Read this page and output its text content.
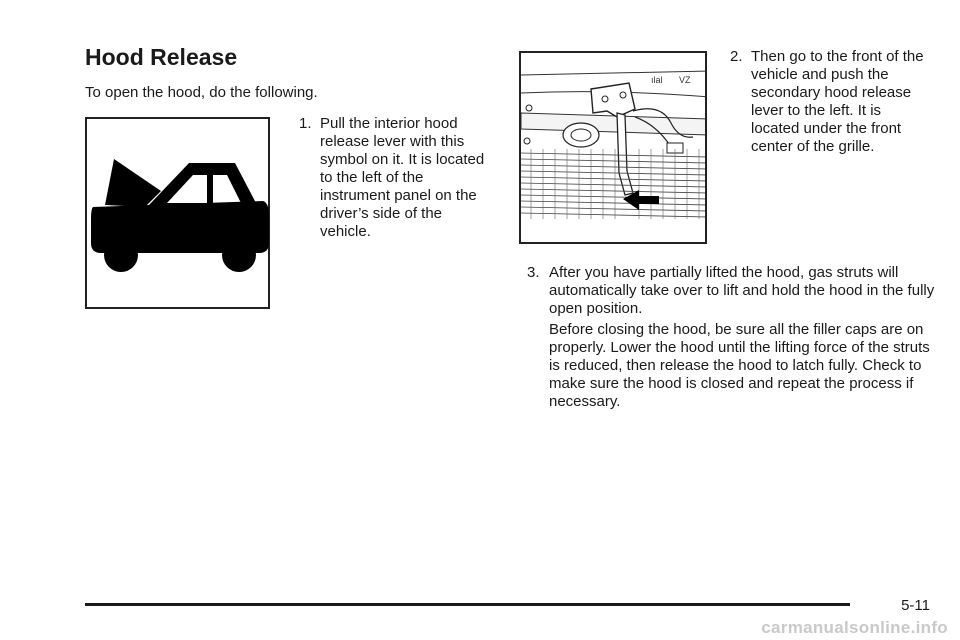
Hood Release
To open the hood, do the following.

1. Pull the interior hood release lever with this symbol on it. It is located to the left of the instrument panel on the driver’s side of the vehicle.

ılal VZ

2. Then go to the front of the vehicle and push the secondary hood release lever to the left. It is located under the front center of the grille.

3. After you have partially lifted the hood, gas struts will automatically take over to lift and hold the hood in the fully open position.

Before closing the hood, be sure all the filler caps are on properly. Lower the hood until the lifting force of the struts is reduced, then release the hood to latch fully. Check to make sure the hood is closed and repeat the process if necessary.

5-11
carmanualsonline.info
